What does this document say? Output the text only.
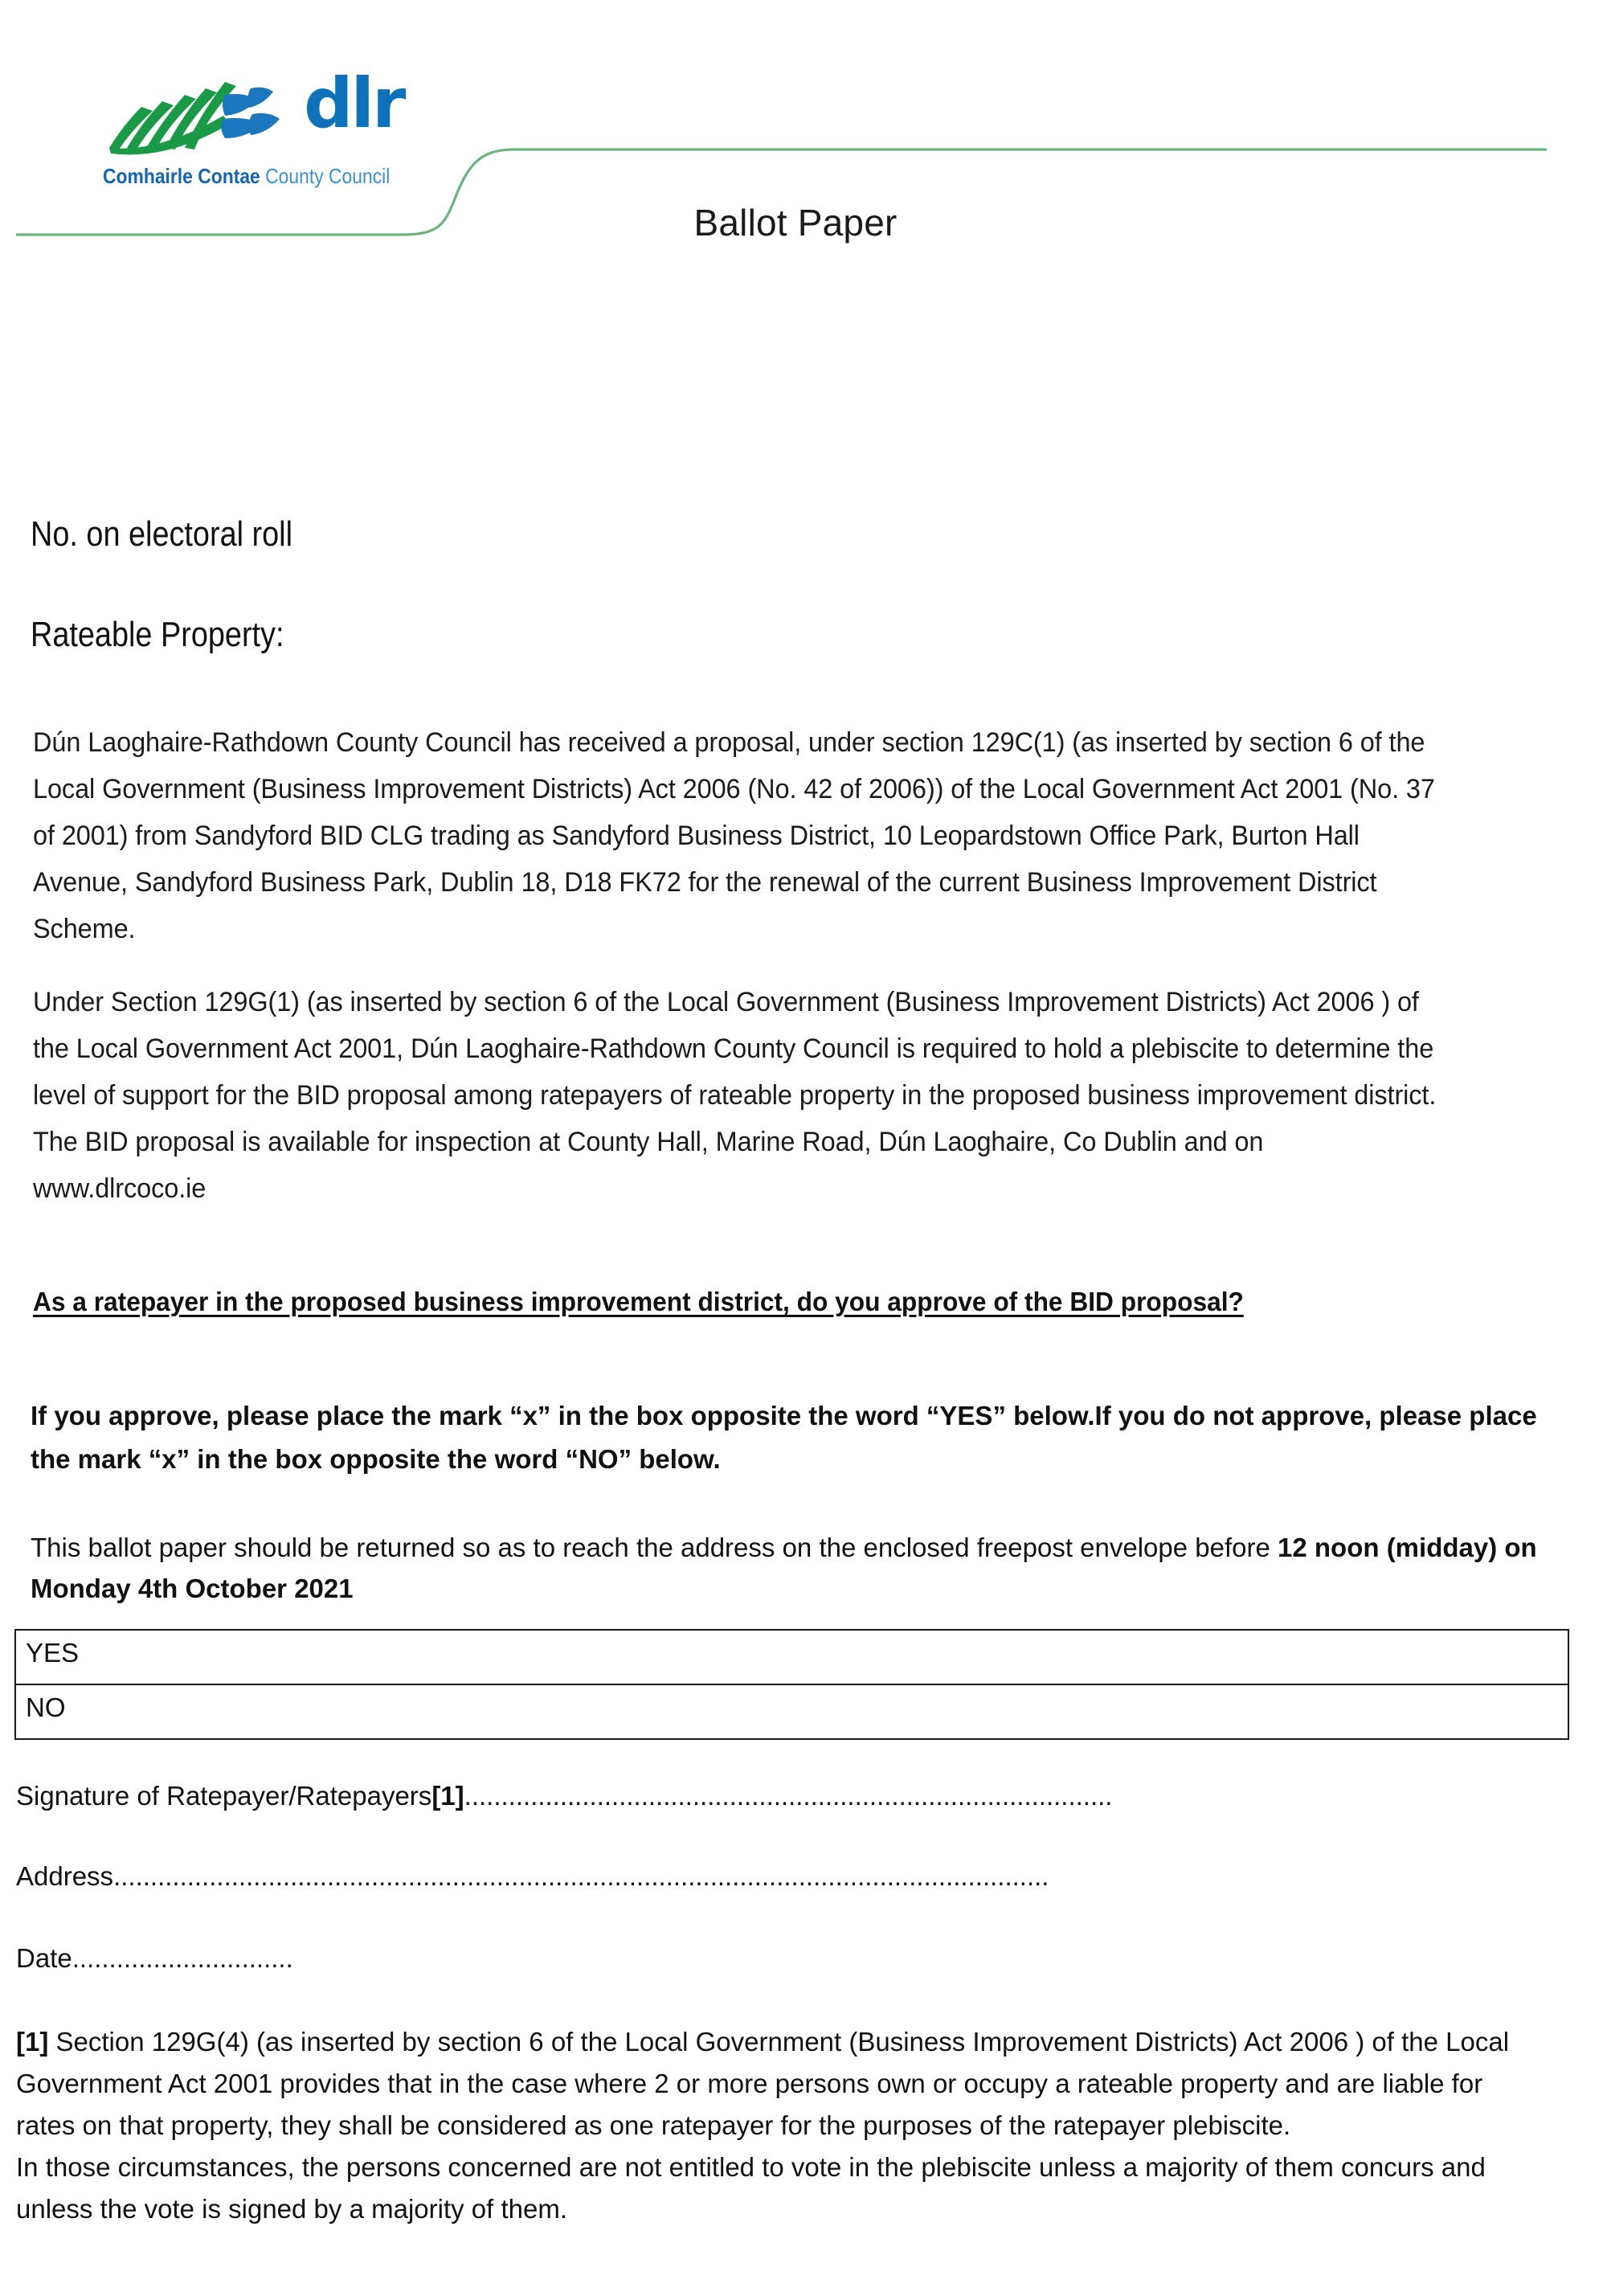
dlr
Comhairle Contae County Council
Ballot Paper
No. on electoral roll
Rateable Property:
Dún Laoghaire-Rathdown County Council has received a proposal, under section 129C(1) (as inserted by section 6 of the Local Government (Business Improvement Districts) Act 2006 (No. 42 of 2006)) of the Local Government Act 2001 (No. 37 of 2001) from Sandyford BID CLG trading as Sandyford Business District, 10 Leopardstown Office Park, Burton Hall Avenue, Sandyford Business Park, Dublin 18, D18 FK72 for the renewal of the current Business Improvement District Scheme.
Under Section 129G(1) (as inserted by section 6 of the Local Government (Business Improvement Districts) Act 2006 ) of the Local Government Act 2001, Dún Laoghaire-Rathdown County Council is required to hold a plebiscite to determine the level of support for the BID proposal among ratepayers of rateable property in the proposed business improvement district. The BID proposal is available for inspection at County Hall, Marine Road, Dún Laoghaire, Co Dublin and on www.dlrcoco.ie
As a ratepayer in the proposed business improvement district, do you approve of the BID proposal?
If you approve, please place the mark “x” in the box opposite the word “YES” below.If you do not approve, please place the mark “x” in the box opposite the word “NO” below.
This ballot paper should be returned so as to reach the address on the enclosed freepost envelope before 12 noon (midday) on Monday 4th October 2021
YES
NO
Signature of Ratepayer/Ratepayers[1]........................................................................................
Address...............................................................................................................................
Date..............................
[1] Section 129G(4) (as inserted by section 6 of the Local Government (Business Improvement Districts) Act 2006 ) of the Local Government Act 2001 provides that in the case where 2 or more persons own or occupy a rateable property and are liable for rates on that property, they shall be considered as one ratepayer for the purposes of the ratepayer plebiscite.
In those circumstances, the persons concerned are not entitled to vote in the plebiscite unless a majority of them concurs and unless the vote is signed by a majority of them.
